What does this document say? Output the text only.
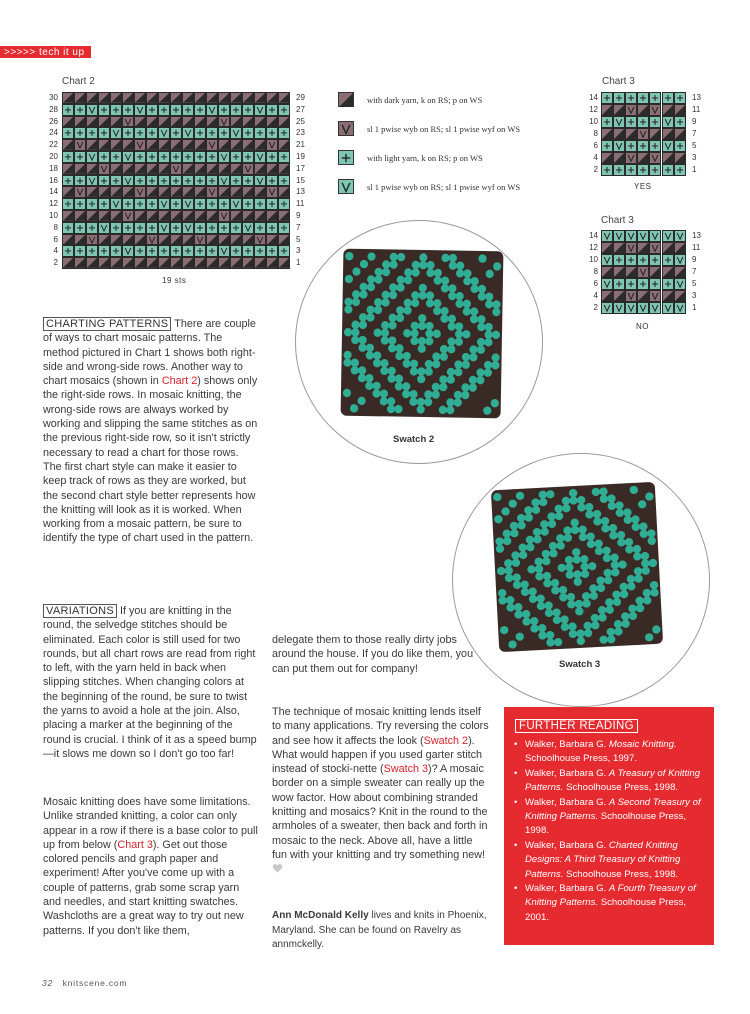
>>>>> tech it up
Chart 2
30
28
26
24
22
20
18
16
14
12
10
8
6
4
2
29
27
25
23
21
19
17
15
13
11
9
7
5
3
1
19 sts
with dark yarn, k on RS; p on WS
sl 1 pwise wyb on RS; sl 1 pwise wyf on WS
with light yarn, k on RS; p on WS
sl 1 pwise wyb on RS; sl 1 pwise wyf on WS
Chart 3
14
12
10
8
6
4
2
13
11
9
7
5
3
1
YES
Chart 3
14
12
10
8
6
4
2
13
11
9
7
5
3
1
NO
Swatch 2
Swatch 3
CHARTING PATTERNS There are couple of ways to chart mosaic patterns. The method pictured in Chart 1 shows both right-side and wrong-side rows. Another way to chart mosaics (shown in Chart 2) shows only the right-side rows. In mosaic knitting, the wrong-side rows are always worked by working and slipping the same stitches as on the previous right-side row, so it isn't strictly necessary to read a chart for those rows. The first chart style can make it easier to keep track of rows as they are worked, but the second chart style better represents how the knitting will look as it is worked. When working from a mosaic pattern, be sure to identify the type of chart used in the pattern.
VARIATIONS If you are knitting in the round, the selvedge stitches should be eliminated. Each color is still used for two rounds, but all chart rows are read from right to left, with the yarn held in back when slipping stitches. When changing colors at the beginning of the round, be sure to twist the yarns to avoid a hole at the join. Also, placing a marker at the beginning of the round is crucial. I think of it as a speed bump—it slows me down so I don't go too far!
Mosaic knitting does have some limitations. Unlike stranded knitting, a color can only appear in a row if there is a base color to pull up from below (Chart 3). Get out those colored pencils and graph paper and experiment! After you've come up with a couple of patterns, grab some scrap yarn and needles, and start knitting swatches. Washcloths are a great way to try out new patterns. If you don't like them,
delegate them to those really dirty jobs around the house. If you do like them, you can put them out for company!
The technique of mosaic knitting lends itself to many applications. Try reversing the colors and see how it affects the look (Swatch 2). What would happen if you used garter stitch instead of stocki-nette (Swatch 3)? A mosaic border on a simple sweater can really up the wow factor. How about combining stranded knitting and mosaics? Knit in the round to the armholes of a sweater, then back and forth in mosaic to the neck. Above all, have a little fun with your knitting and try something new!
Ann McDonald Kelly lives and knits in Phoenix, Maryland. She can be found on Ravelry as annmckelly.
FURTHER READING
• Walker, Barbara G. Mosaic Knitting. Schoolhouse Press, 1997.
• Walker, Barbara G. A Treasury of Knitting Patterns. Schoolhouse Press, 1998.
• Walker, Barbara G. A Second Treasury of Knitting Patterns. Schoolhouse Press, 1998.
• Walker, Barbara G. Charted Knitting Designs: A Third Treasury of Knitting Patterns. Schoolhouse Press, 1998.
• Walker, Barbara G. A Fourth Treasury of Knitting Patterns. Schoolhouse Press, 2001.
32 knitscene.com
